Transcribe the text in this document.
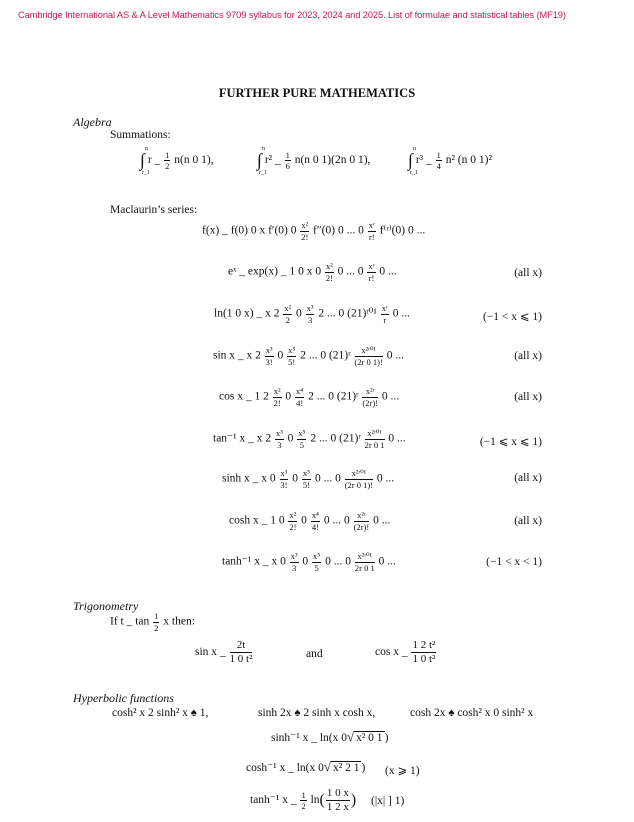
Cambridge International AS & A Level Mathematics 9709 syllabus for 2023, 2024 and 2025. List of formulae and statistical tables (MF19)
FURTHER PURE MATHEMATICS
Algebra
Summations:
∫
n
r_1
r _ $\frac{1}{2} n(n$ 0 1), ∫
n
r_1
r² _ $\frac{1}{6} n(n$ 0 1)(2n 0 1), ∫
n
r_1
r³ _ $\frac{1}{4} n^2$ (n 0 1)²
Maclaurin’s series:
f(x) _ f(0) 0 x f′(0) $0 \frac{\text{x²}}{2!} f''(0)$ 0 ... $0 \frac{\text{xʳ}}{r!}$ f⁽ʳ⁾(0) 0 ...
eˣ _ exp(x) _ 1 0 x $0 \frac{\text{x²}}{2!} 0$ ... $0 \frac{\text{xʳ}}{r!} 0$ ...	(all x)
ln(1 0 x) _ x $2 \frac{\text{x²}}{2} 0 \frac{\text{x³}}{3} 2$ ... 0 (21)ʳ⁰¹ $\frac{\text{xʳ}}{r} 0$ ...	(−1 < x ⩽ 1)
sin x _ x $2 \frac{\text{x³}}{3!} 0 \frac{\text{x⁵}}{5!} 2$ ... 0 (21)ʳ $\frac{\text{x²ʳ⁰¹}}{(2r 0 1)!} 0$ ...	(all x)
cos x _ 1 $2 \frac{\text{x²}}{2!} 0 \frac{\text{x⁴}}{4!} 2$ ... 0 (21)ʳ $\frac{\text{x²ʳ}}{(2r)!} 0$ ...	(all x)
tan⁻¹ x _ x $2 \frac{\text{x³}}{3} 0 \frac{\text{x⁵}}{5} 2$ ... 0 (21)ʳ $\frac{\text{x²ʳ⁰¹}}{2r 0 1} 0$ ...	(−1 ⩽ x ⩽ 1)
sinh x _ x $0 \frac{\text{x³}}{3!} 0 \frac{\text{x⁵}}{5!} 0$ ... $0 \frac{\text{x²ʳ⁰¹}}{(2r 0 1)!} 0$ ...	(all x)
cosh x _ 1 $0 \frac{\text{x²}}{2!} 0 \frac{\text{x⁴}}{4!} 0$ ... $0 \frac{\text{x²ʳ}}{(2r)!} 0$ ...	(all x)
tanh⁻¹ x _ x $0 \frac{\text{x³}}{3} 0 \frac{\text{x⁵}}{5} 0$ ... $0 \frac{\text{x²ʳ⁰¹}}{2r 0 1} 0$ ...	(−1 < x < 1)
Trigonometry
If t _ $\tan \frac{1}{2}$ x then:
sin x _ $\frac{2t}{\text{1 0 t²}}$	and	cos x _ $\frac{\text{1 2 t²}}{\text{1 0 t²}}$
Hyperbolic functions
cosh² x 2 sinh² x ♠ 1,	sinh 2x ♠ 2 sinh x cosh x,	cosh 2x ♠ cosh² x 0 sinh² x
sinh⁻¹ x _ ln(x 0√ x² 0 1 )
cosh⁻¹ x _ ln(x 0√ x² 2 1 ) (x ⩾ 1)
tanh⁻¹ x _ $\frac{1}{2} \ln( \frac{1 0 x}{1 2 x}$ ) (|x| ] 1)
